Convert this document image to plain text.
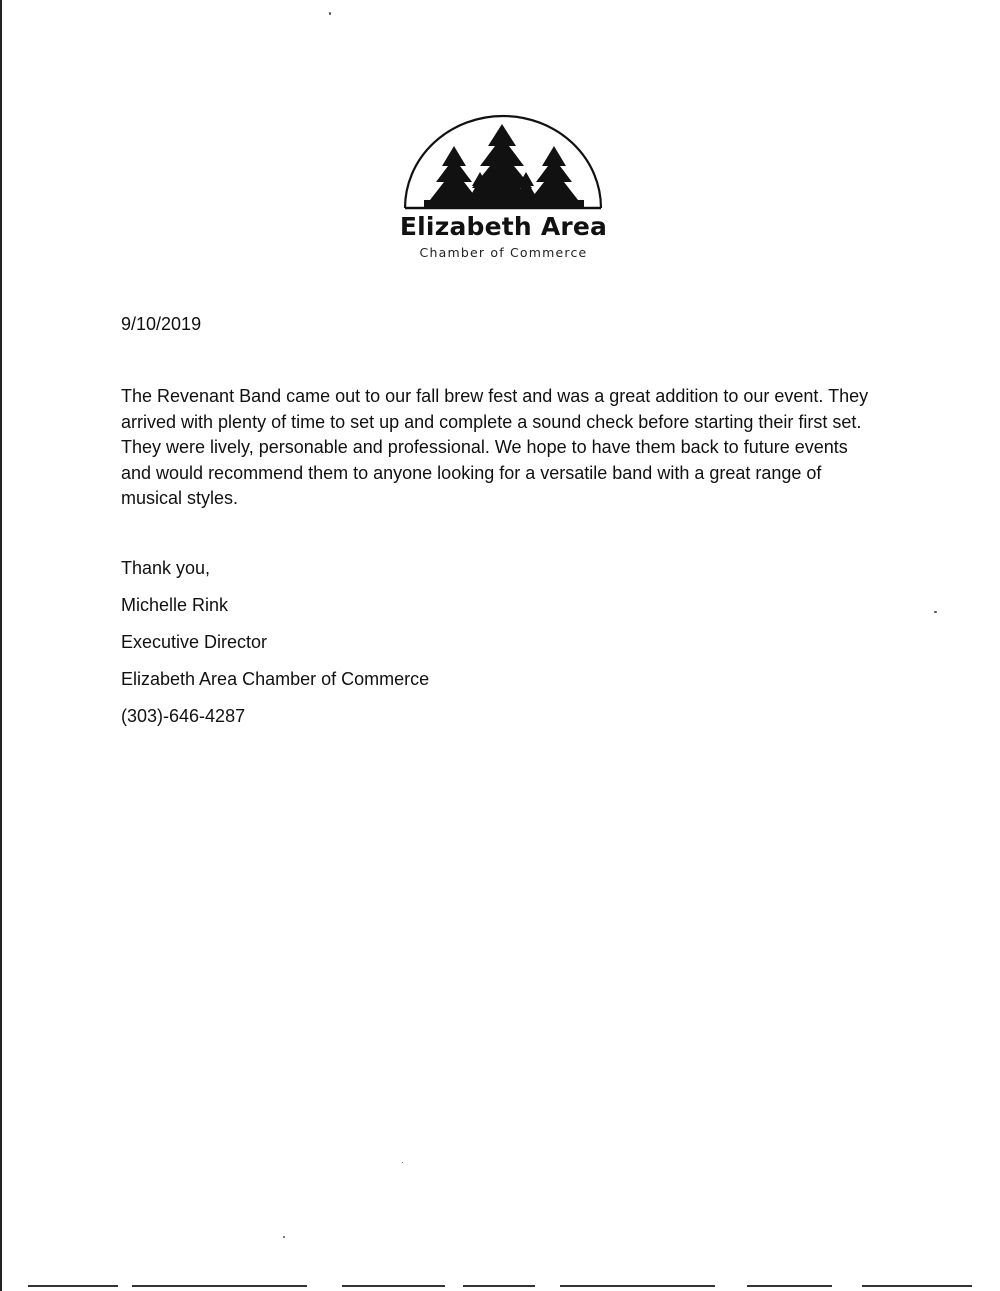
Elizabeth Area
Chamber of Commerce
9/10/2019

The Revenant Band came out to our fall brew fest and was a great addition to our event. They arrived with plenty of time to set up and complete a sound check before starting their first set. They were lively, personable and professional. We hope to have them back to future events and would recommend them to anyone looking for a versatile band with a great range of musical styles.

Thank you,
Michelle Rink
Executive Director
Elizabeth Area Chamber of Commerce
(303)-646-4287
